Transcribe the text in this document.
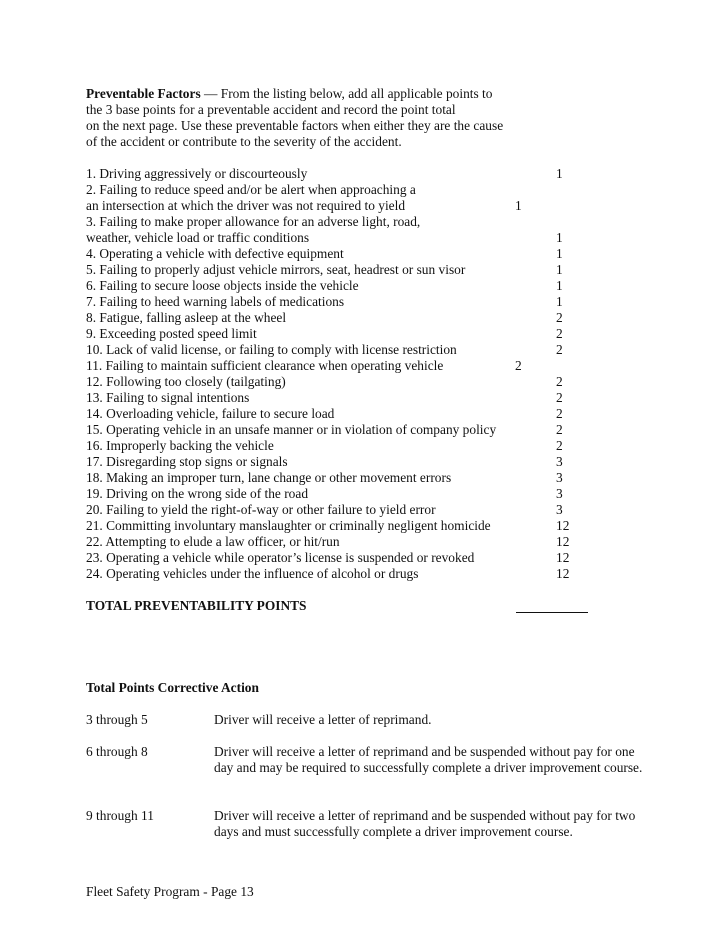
Preventable Factors — From the listing below, add all applicable points to
the 3 base points for a preventable accident and record the point total
on the next page. Use these preventable factors when either they are the cause
of the accident or contribute to the severity of the accident.
1. Driving aggressively or discourteously	1
2. Failing to reduce speed and/or be alert when approaching a
an intersection at which the driver was not required to yield	1
3. Failing to make proper allowance for an adverse light, road,
weather, vehicle load or traffic conditions	1
4. Operating a vehicle with defective equipment	1
5. Failing to properly adjust vehicle mirrors, seat, headrest or sun visor	1
6. Failing to secure loose objects inside the vehicle	1
7. Failing to heed warning labels of medications	1
8. Fatigue, falling asleep at the wheel	2
9. Exceeding posted speed limit	2
10. Lack of valid license, or failing to comply with license restriction	2
11. Failing to maintain sufficient clearance when operating vehicle	2
12. Following too closely (tailgating)	2
13. Failing to signal intentions	2
14. Overloading vehicle, failure to secure load	2
15. Operating vehicle in an unsafe manner or in violation of company policy	2
16. Improperly backing the vehicle	2
17. Disregarding stop signs or signals	3
18. Making an improper turn, lane change or other movement errors	3
19. Driving on the wrong side of the road	3
20. Failing to yield the right-of-way or other failure to yield error	3
21. Committing involuntary manslaughter or criminally negligent homicide	12
22. Attempting to elude a law officer, or hit/run	12
23. Operating a vehicle while operator’s license is suspended or revoked	12
24. Operating vehicles under the influence of alcohol or drugs	12
TOTAL PREVENTABILITY POINTS
Total Points Corrective Action
3 through 5	Driver will receive a letter of reprimand.
6 through 8	Driver will receive a letter of reprimand and be suspended without pay for one day and may be required to successfully complete a driver improvement course.
9 through 11	Driver will receive a letter of reprimand and be suspended without pay for two days and must successfully complete a driver improvement course.
Fleet Safety Program - Page 13
